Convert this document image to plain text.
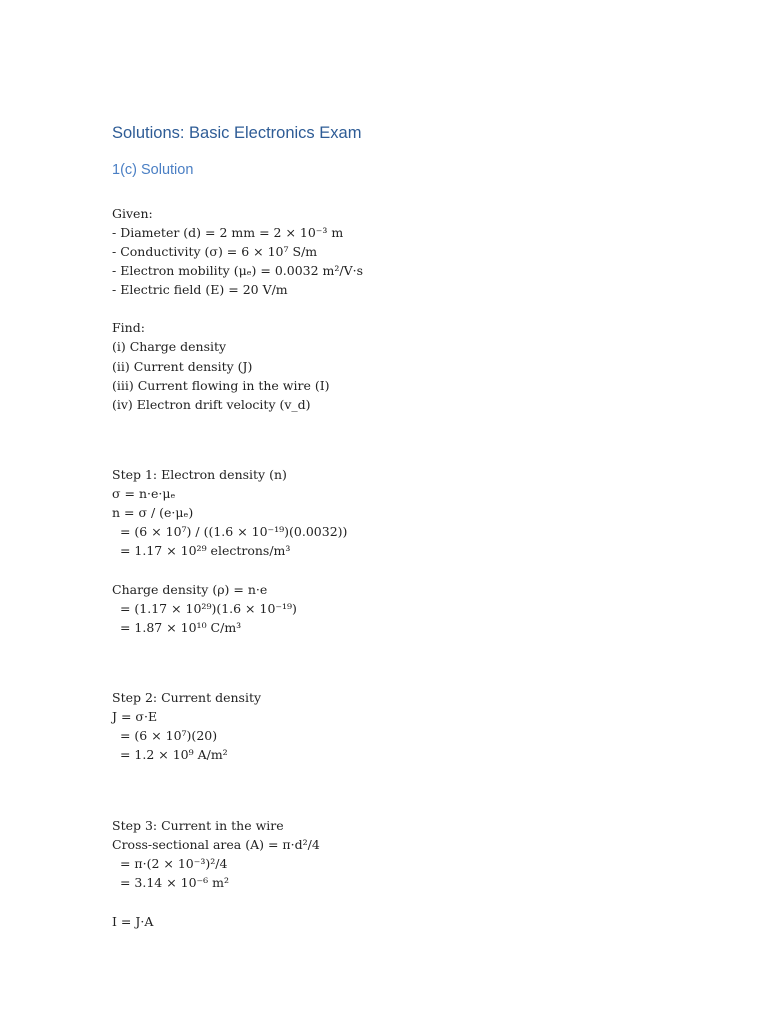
Solutions: Basic Electronics Exam
1(c) Solution
Given:
- Diameter (d) = 2 mm = 2 × 10⁻³ m
- Conductivity (σ) = 6 × 10⁷ S/m
- Electron mobility (μₑ) = 0.0032 m²/V·s
- Electric field (E) = 20 V/m
Find:
(i) Charge density
(ii) Current density (J)
(iii) Current flowing in the wire (I)
(iv) Electron drift velocity (v_d)
Step 1: Electron density (n)
σ = n·e·μₑ
n = σ / (e·μₑ)
= (6 × 10⁷) / ((1.6 × 10⁻¹⁹)(0.0032))
= 1.17 × 10²⁹ electrons/m³
Charge density (ρ) = n·e
= (1.17 × 10²⁹)(1.6 × 10⁻¹⁹)
= 1.87 × 10¹⁰ C/m³
Step 2: Current density
J = σ·E
= (6 × 10⁷)(20)
= 1.2 × 10⁹ A/m²
Step 3: Current in the wire
Cross-sectional area (A) = π·d²/4
= π·(2 × 10⁻³)²/4
= 3.14 × 10⁻⁶ m²
I = J·A
